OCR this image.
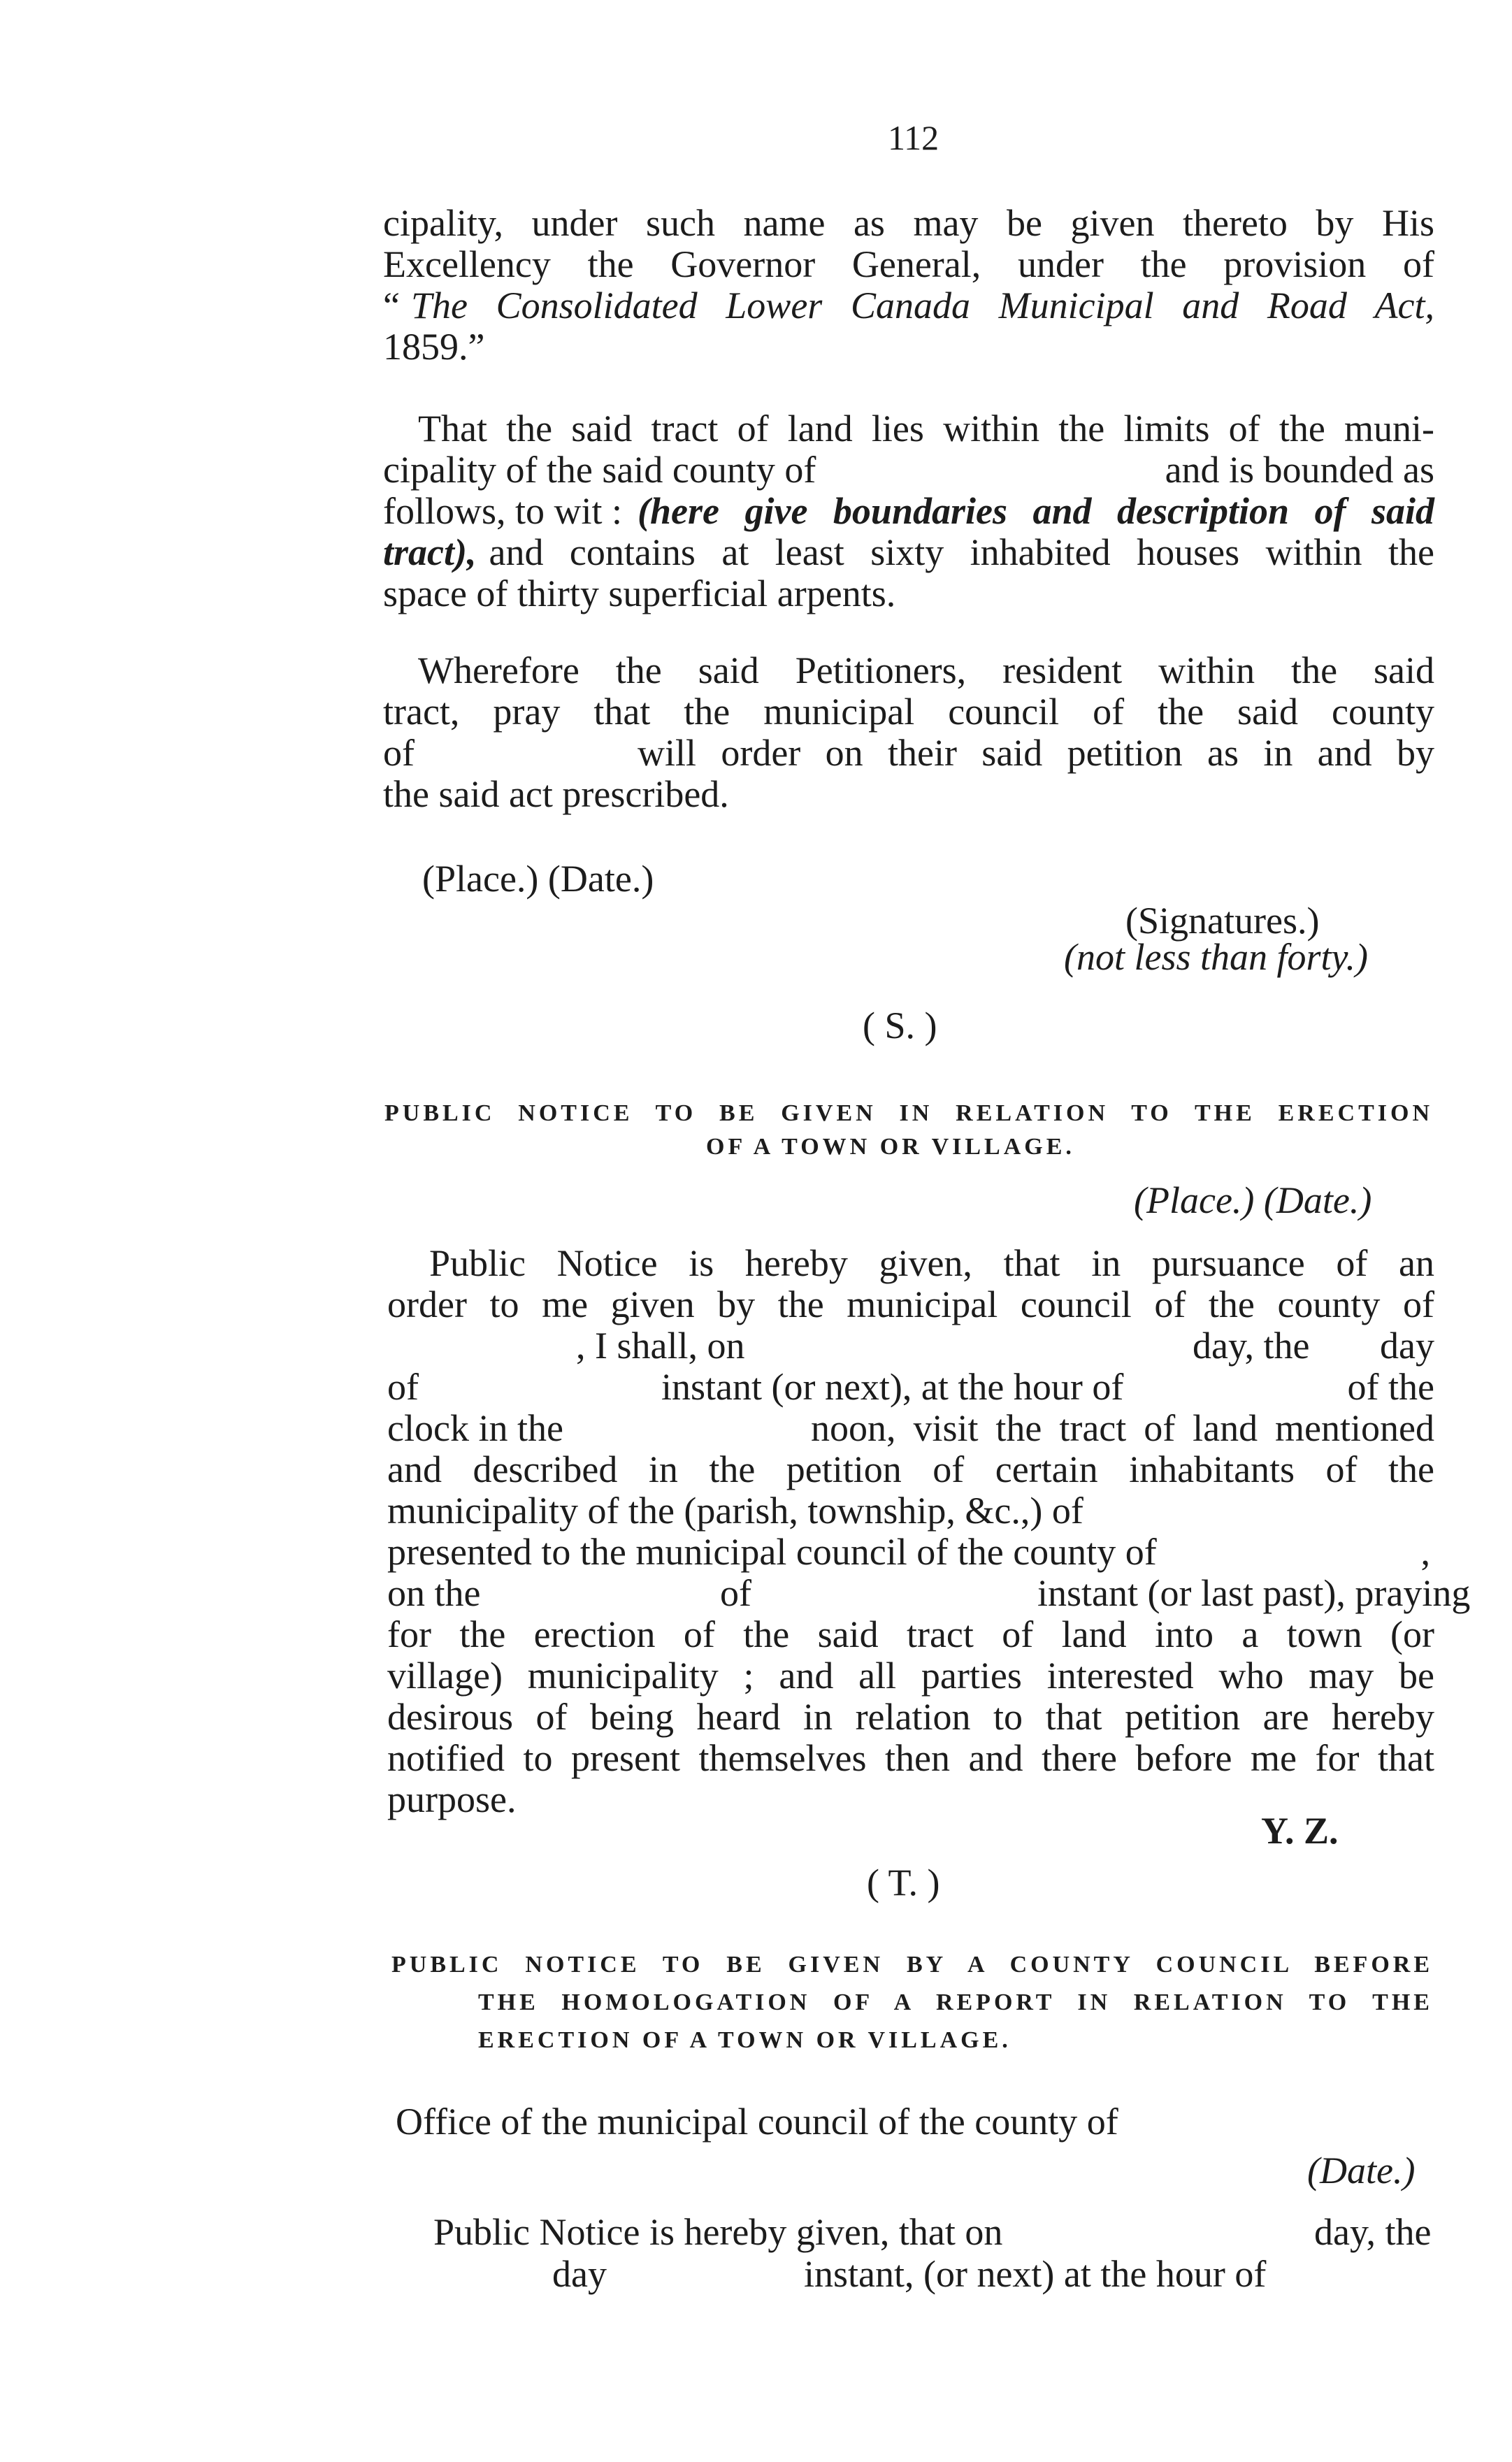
112

cipality, under such name as may be given thereto by His

Excellency the Governor General, under the provision of

“ The Consolidated Lower Canada Municipal and Road Act,

1859.”

That the said tract of land lies within the limits of the muni-

cipality of the said county of	and is bounded as

follows, to wit : (here give boundaries and description of said

tract), and contains at least sixty inhabited houses within the

space of thirty superficial arpents.

Wherefore the said Petitioners, resident within the said

tract, pray that the municipal council of the said county

of	will order on their said petition as in and by

the said act prescribed.

(Place.) (Date.)
(Signatures.)
(not less than forty.)
( S. )
PUBLIC NOTICE TO BE GIVEN IN RELATION TO THE ERECTION
OF A TOWN OR VILLAGE.
(Place.) (Date.)

Public Notice is hereby given, that in pursuance of an

order to me given by the municipal council of the county of

, I shall, on	day, the day

of	instant (or next), at the hour of	of the

clock in the	noon, visit the tract of land mentioned

and described in the petition of certain inhabitants of the

municipality of the (parish, township, &c.,) of

presented to the municipal council of the county of	,

on the	of	instant (or last past), praying

for the erection of the said tract of land into a town (or

village) municipality ; and all parties interested who may be

desirous of being heard in relation to that petition are hereby

notified to present themselves then and there before me for that

purpose.

Y. Z.
( T. )
PUBLIC NOTICE TO BE GIVEN BY A COUNTY COUNCIL BEFORE
THE HOMOLOGATION OF A REPORT IN RELATION TO THE
ERECTION OF A TOWN OR VILLAGE.
Office of the municipal council of the county of
(Date.)
Public Notice is hereby given, that on	day, the
day	instant, (or next) at the hour of
